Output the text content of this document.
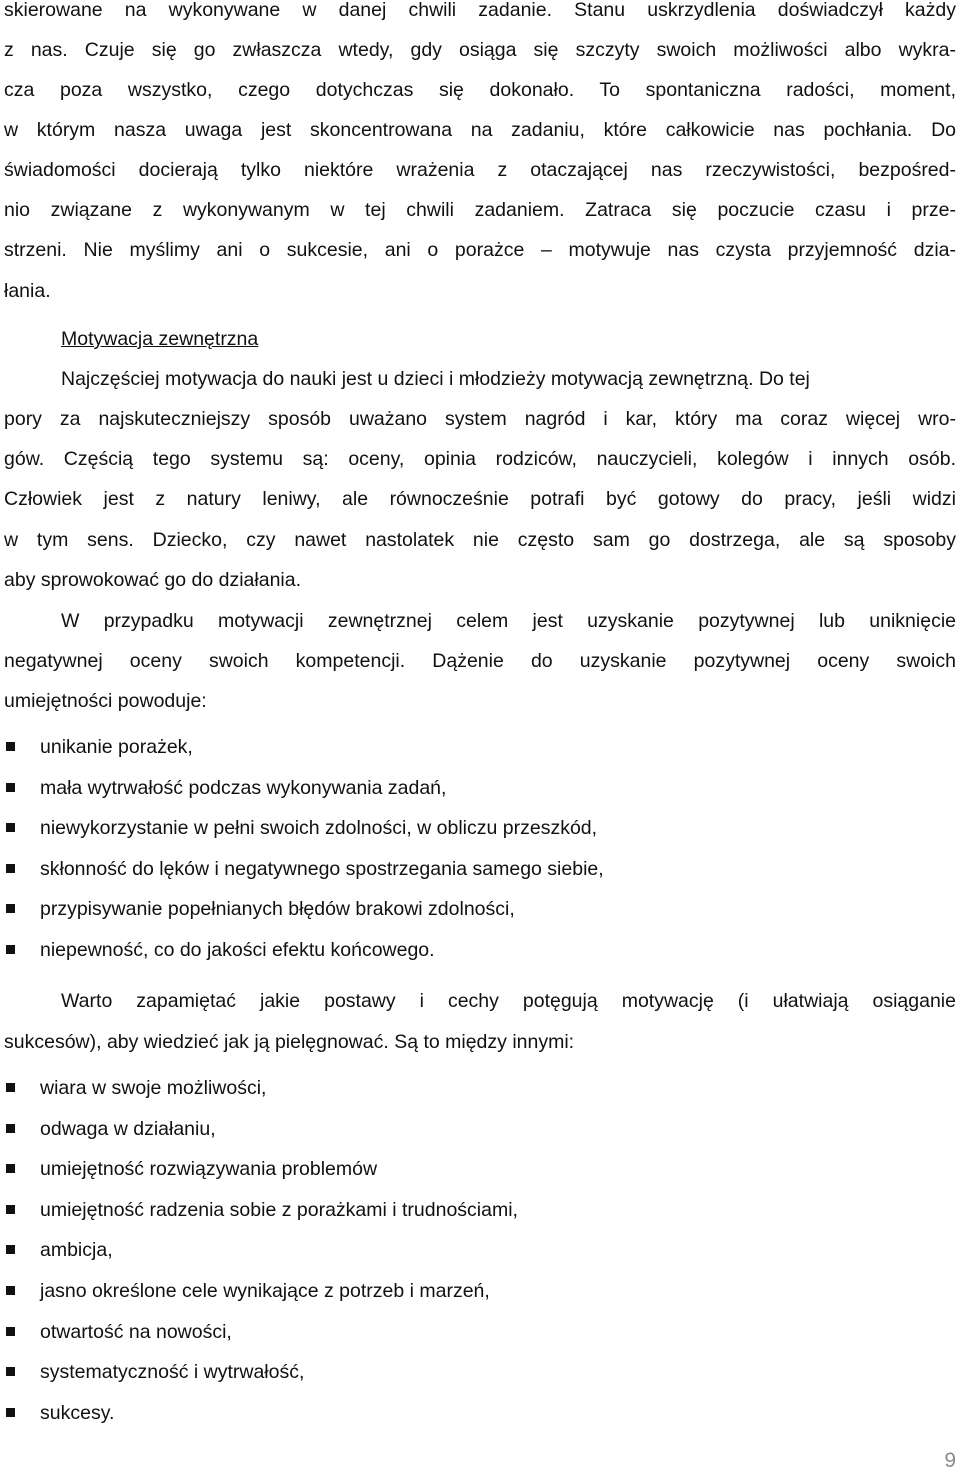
skierowane na wykonywane w danej chwili zadanie. Stanu uskrzydlenia doświadczył każdy
z nas. Czuje się go zwłaszcza wtedy, gdy osiąga się szczyty swoich możliwości albo wykra-
cza poza wszystko, czego dotychczas się dokonało. To spontaniczna radości, moment,
w którym nasza uwaga jest skoncentrowana na zadaniu, które całkowicie nas pochłania. Do
świadomości docierają tylko niektóre wrażenia z otaczającej nas rzeczywistości, bezpośred-
nio związane z wykonywanym w tej chwili zadaniem. Zatraca się poczucie czasu i prze-
strzeni. Nie myślimy ani o sukcesie, ani o porażce – motywuje nas czysta przyjemność dzia-
łania.
Motywacja zewnętrzna
Najczęściej motywacja do nauki jest u dzieci i młodzieży motywacją zewnętrzną. Do tej
pory za najskuteczniejszy sposób uważano system nagród i kar, który ma coraz więcej wro-
gów. Częścią tego systemu są: oceny, opinia rodziców, nauczycieli, kolegów i innych osób.
Człowiek jest z natury leniwy, ale równocześnie potrafi być gotowy do pracy, jeśli widzi
w tym sens. Dziecko, czy nawet nastolatek nie często sam go dostrzega, ale są sposoby
aby sprowokować go do działania.
W przypadku motywacji zewnętrznej celem jest uzyskanie pozytywnej lub uniknięcie
negatywnej oceny swoich kompetencji. Dążenie do uzyskanie pozytywnej oceny swoich
umiejętności powoduje:
unikanie porażek,
mała wytrwałość podczas wykonywania zadań,
niewykorzystanie w pełni swoich zdolności, w obliczu przeszkód,
skłonność do lęków i negatywnego spostrzegania samego siebie,
przypisywanie popełnianych błędów brakowi zdolności,
niepewność, co do jakości efektu końcowego.
Warto zapamiętać jakie postawy i cechy potęgują motywację (i ułatwiają osiąganie
sukcesów), aby wiedzieć jak ją pielęgnować. Są to między innymi:
wiara w swoje możliwości,
odwaga w działaniu,
umiejętność rozwiązywania problemów
umiejętność radzenia sobie z porażkami i trudnościami,
ambicja,
jasno określone cele wynikające z potrzeb i marzeń,
otwartość na nowości,
systematyczność i wytrwałość,
sukcesy.
9
